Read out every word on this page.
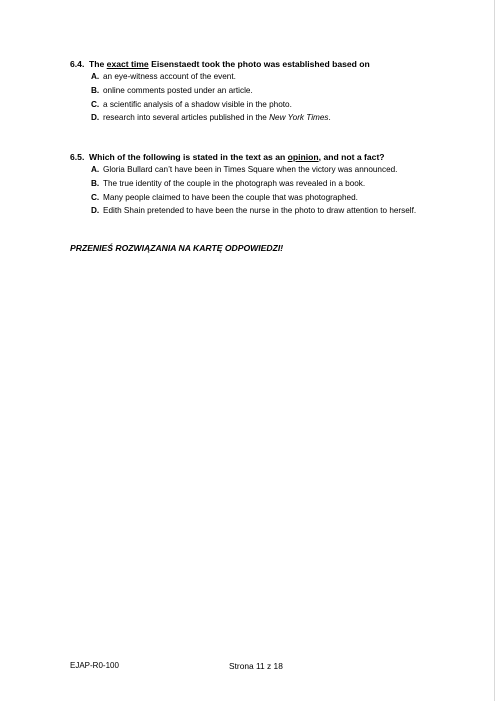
6.4. The exact time Eisenstaedt took the photo was established based on
A. an eye-witness account of the event.
B. online comments posted under an article.
C. a scientific analysis of a shadow visible in the photo.
D. research into several articles published in the New York Times.
6.5. Which of the following is stated in the text as an opinion, and not a fact?
A. Gloria Bullard can’t have been in Times Square when the victory was announced.
B. The true identity of the couple in the photograph was revealed in a book.
C. Many people claimed to have been the couple that was photographed.
D. Edith Shain pretended to have been the nurse in the photo to draw attention to herself.
PRZENIEŚ ROZWIĄZANIA NA KARTĘ ODPOWIEDZI!
EJAP-R0-100	Strona 11 z 18
